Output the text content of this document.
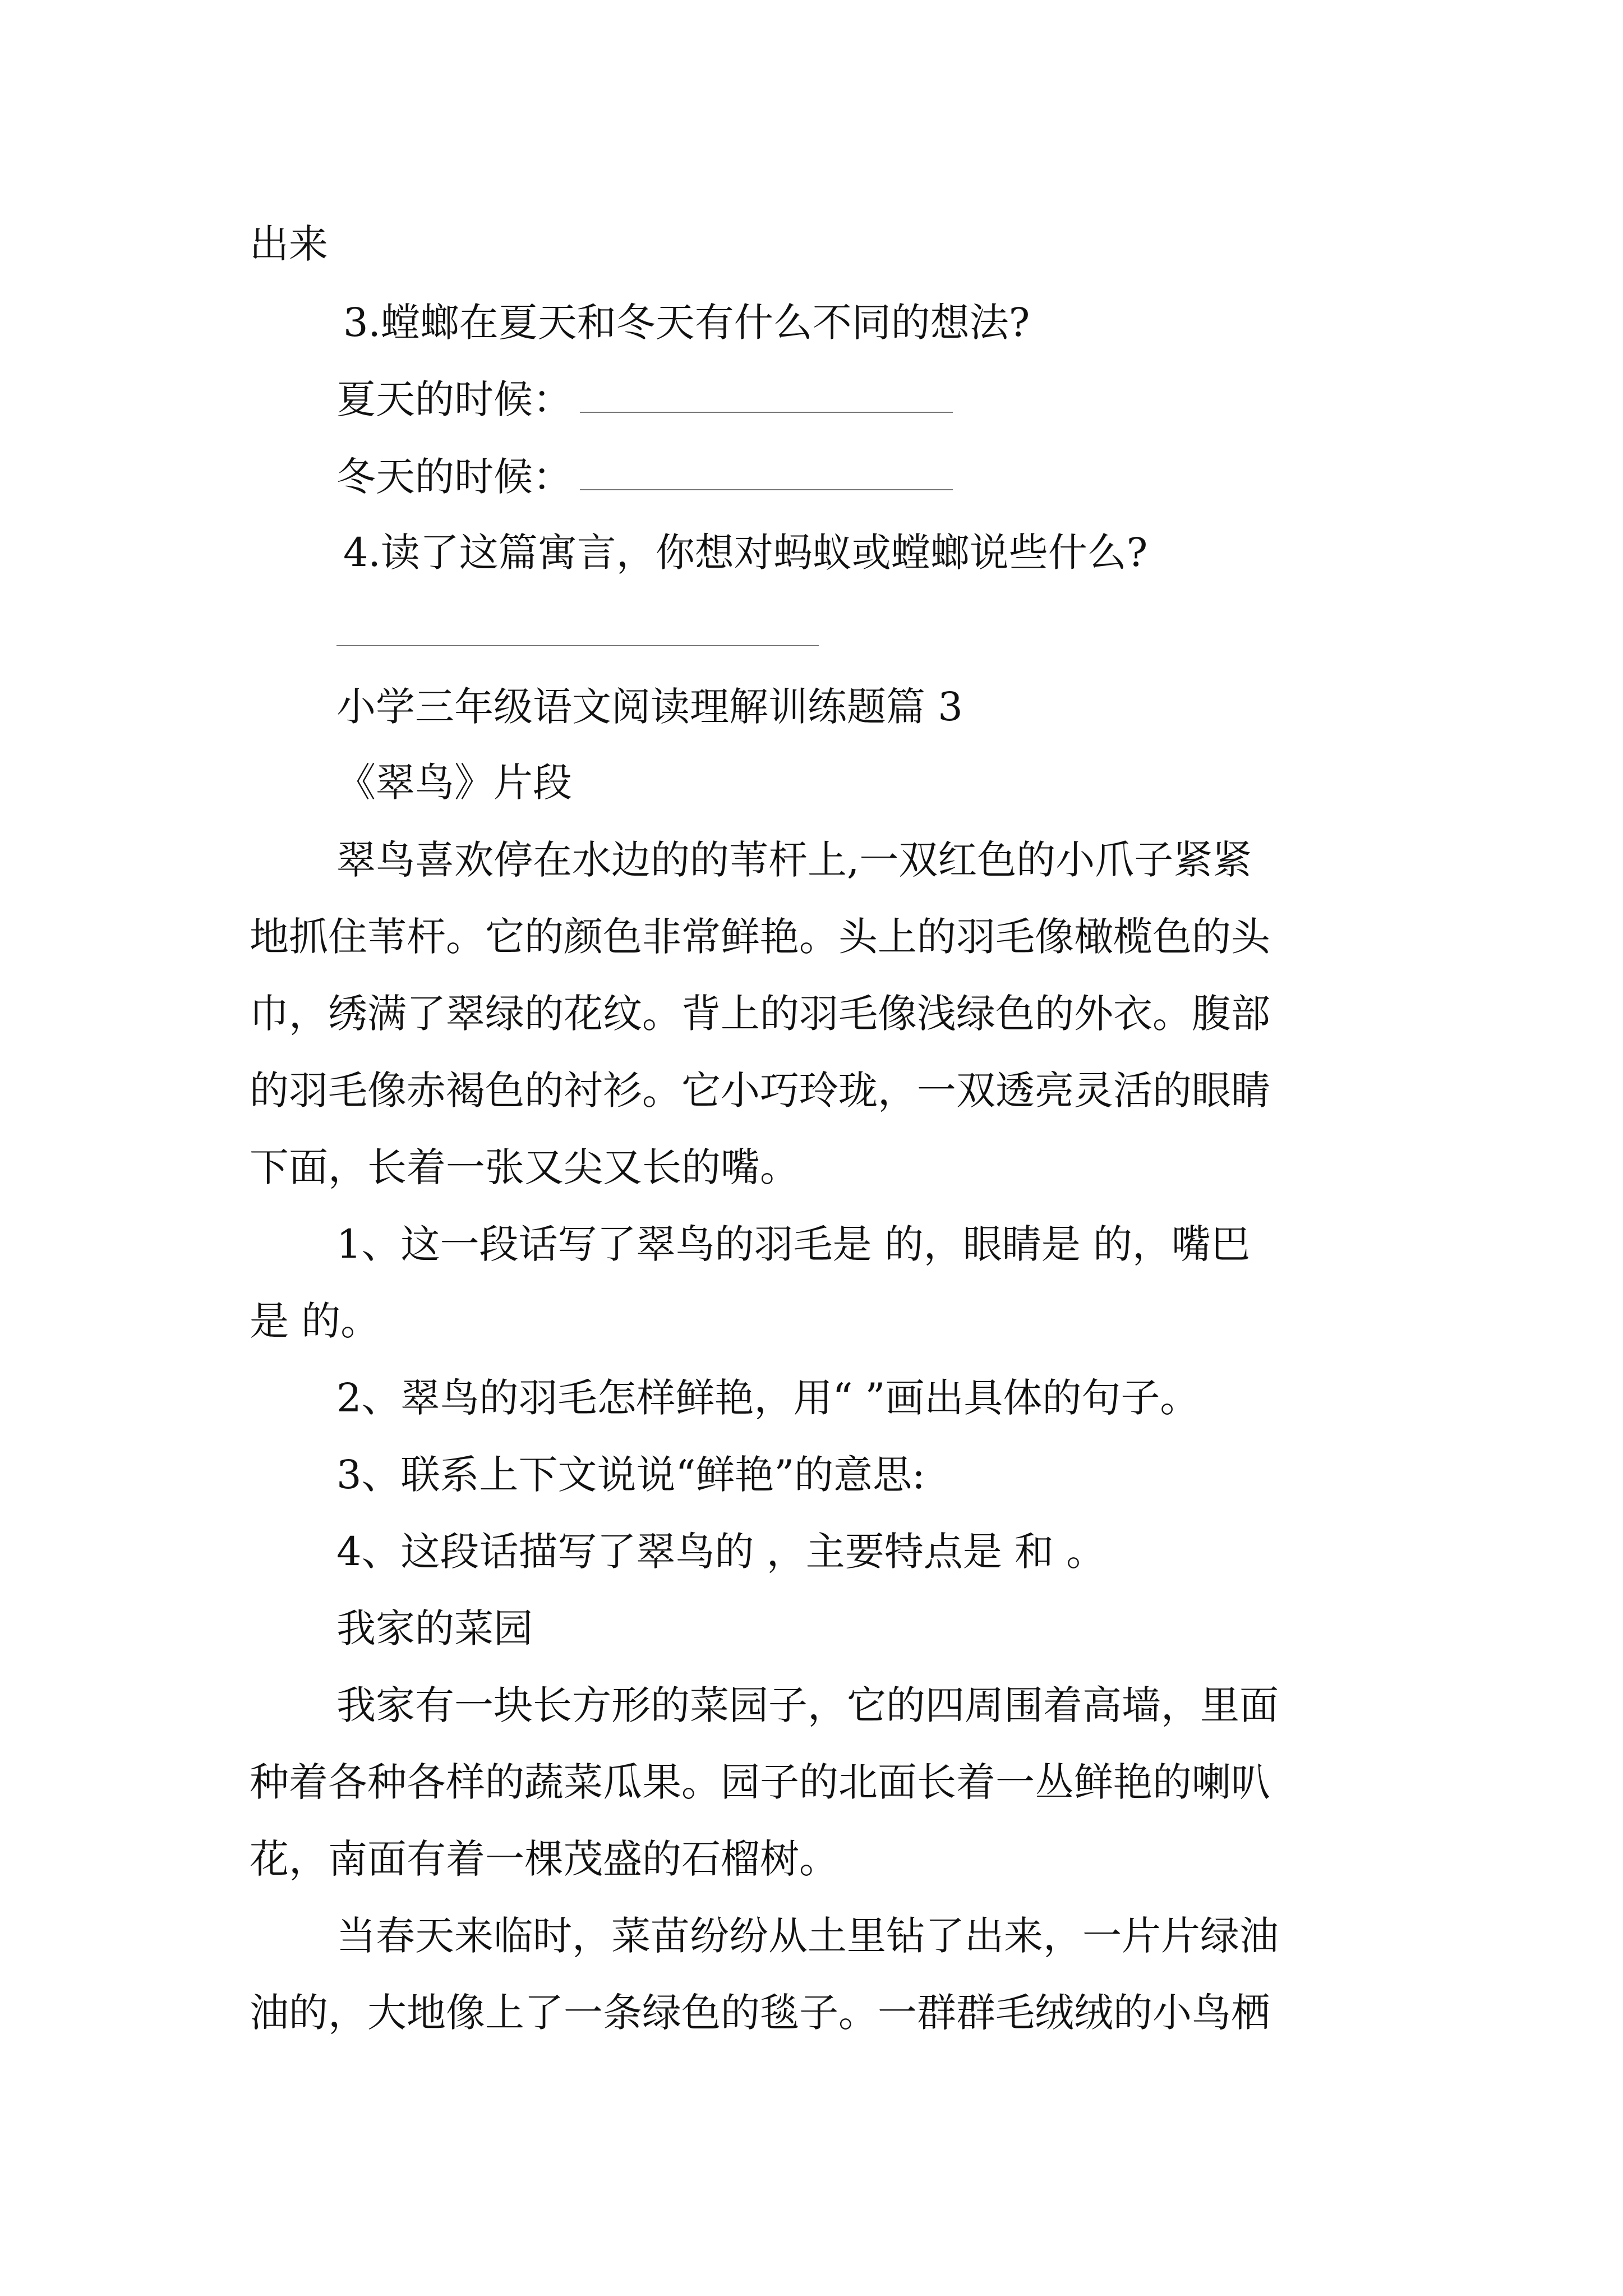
出来
3.螳螂在夏天和冬天有什么不同的想法?
夏天的时候：
冬天的时候：
4.读了这篇寓言，你想对蚂蚁或螳螂说些什么?
小学三年级语文阅读理解训练题篇 3
《翠鸟》片段
翠鸟喜欢停在水边的的苇杆上,一双红色的小爪子紧紧
地抓住苇杆。它的颜色非常鲜艳。头上的羽毛像橄榄色的头
巾，绣满了翠绿的花纹。背上的羽毛像浅绿色的外衣。腹部
的羽毛像赤褐色的衬衫。它小巧玲珑，一双透亮灵活的眼睛
下面，长着一张又尖又长的嘴。
1、这一段话写了翠鸟的羽毛是 的，眼睛是 的，嘴巴
是 的。
2、翠鸟的羽毛怎样鲜艳，用“ ”画出具体的句子。
3、联系上下文说说“鲜艳”的意思:
4、这段话描写了翠鸟的 ，主要特点是 和 。
我家的菜园
我家有一块长方形的菜园子，它的四周围着高墙，里面
种着各种各样的蔬菜瓜果。园子的北面长着一丛鲜艳的喇叭
花，南面有着一棵茂盛的石榴树。
当春天来临时，菜苗纷纷从土里钻了出来，一片片绿油
油的，大地像上了一条绿色的毯子。一群群毛绒绒的小鸟栖
